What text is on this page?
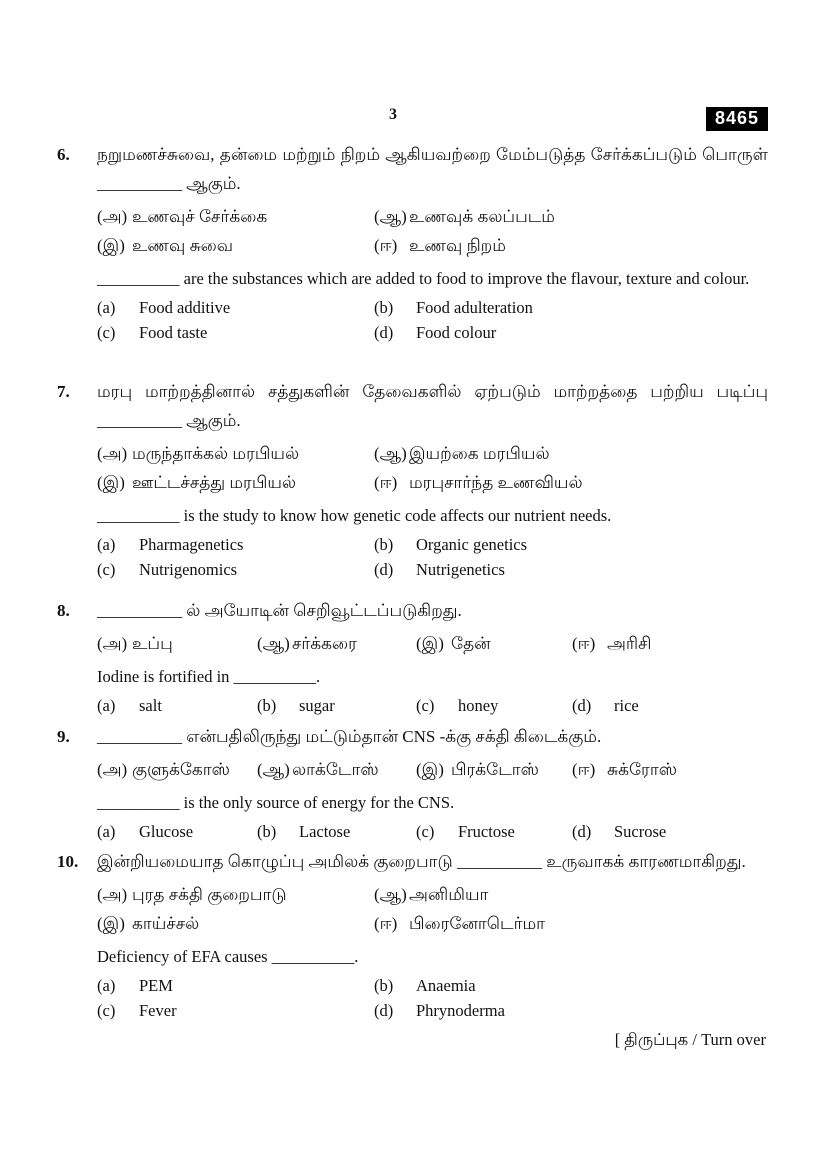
3	8465
6.	நறுமணச்சுவை, தன்மை மற்றும் நிறம் ஆகியவற்றை மேம்படுத்த சேர்க்கப்படும் பொருள் __________ ஆகும்.
(அ) உணவுச் சேர்க்கை	(ஆ) உணவுக் கலப்படம்
(இ) உணவு சுவை	(ஈ) உணவு நிறம்
__________ are the substances which are added to food to improve the flavour, texture and colour.
(a) Food additive	(b) Food adulteration
(c) Food taste	(d) Food colour
7.	மரபு மாற்றத்தினால் சத்துகளின் தேவைகளில் ஏற்படும் மாற்றத்தை பற்றிய படிப்பு __________ ஆகும்.
(அ) மருந்தாக்கல் மரபியல்	(ஆ) இயற்கை மரபியல்
(இ) ஊட்டச்சத்து மரபியல்	(ஈ) மரபுசார்ந்த உணவியல்
__________ is the study to know how genetic code affects our nutrient needs.
(a) Pharmagenetics	(b) Organic genetics
(c) Nutrigenomics	(d) Nutrigenetics
8.	__________ ல் அயோடின் செறிவூட்டப்படுகிறது.
(அ) உப்பு	(ஆ) சர்க்கரை	(இ) தேன்	(ஈ) அரிசி
Iodine is fortified in __________.
(a) salt	(b) sugar	(c) honey	(d) rice
9.	__________ என்பதிலிருந்து மட்டும்தான் CNS -க்கு சக்தி கிடைக்கும்.
(அ) குளுக்கோஸ்	(ஆ) லாக்டோஸ்	(இ) பிரக்டோஸ்	(ஈ) சுக்ரோஸ்
__________ is the only source of energy for the CNS.
(a) Glucose	(b) Lactose	(c) Fructose	(d) Sucrose
10.	இன்றியமையாத கொழுப்பு அமிலக் குறைபாடு __________ உருவாகக் காரணமாகிறது.
(அ) புரத சக்தி குறைபாடு	(ஆ) அனிமியா
(இ) காய்ச்சல்	(ஈ) பிரைனோடெர்மா
Deficiency of EFA causes __________.
(a) PEM	(b) Anaemia
(c) Fever	(d) Phrynoderma
[ திருப்புக / Turn over
